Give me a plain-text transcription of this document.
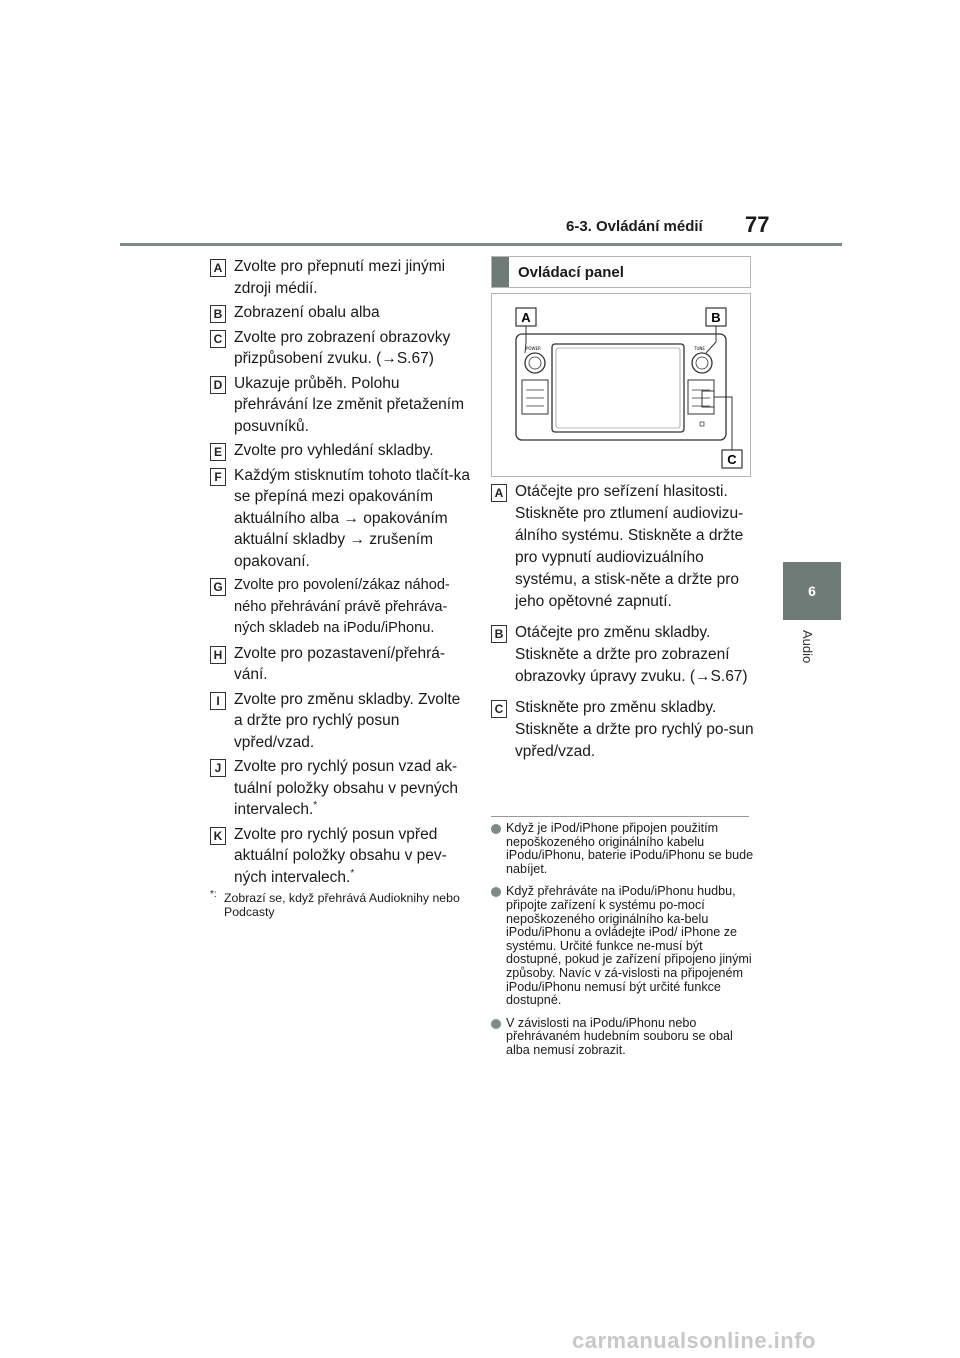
6-3. Ovládání médií 77
6
Audio
A Zvolte pro přepnutí mezi jinými zdroji médií.
B Zobrazení obalu alba
C Zvolte pro zobrazení obrazovky přizpůsobení zvuku. (→S.67)
D Ukazuje průběh. Polohu přehrávání lze změnit přetažením posuvníků.
E Zvolte pro vyhledání skladby.
F Každým stisknutím tohoto tlačít-ka se přepíná mezi opakováním aktuálního alba → opakováním aktuální skladby → zrušením opakovaní.
G Zvolte pro povolení/zákaz náhod-ného přehrávání právě přehráva-ných skladeb na iPodu/iPhonu.
H Zvolte pro pozastavení/přehrá-vání.
I Zvolte pro změnu skladby. Zvolte a držte pro rychlý posun vpřed/vzad.
J Zvolte pro rychlý posun vzad ak-tuální položky obsahu v pevných intervalech.*
K Zvolte pro rychlý posun vpřed aktuální položky obsahu v pev-ných intervalech.*
*: Zobrazí se, když přehrává Audioknihy nebo Podcasty
Ovládací panel
POWER	TUNE
A	B
C
A Otáčejte pro seřízení hlasitosti. Stiskněte pro ztlumení audiovizu-álního systému. Stiskněte a držte pro vypnutí audiovizuálního systému, a stisk-něte a držte pro jeho opětovné zapnutí.
B Otáčejte pro změnu skladby. Stiskněte a držte pro zobrazení obrazovky úpravy zvuku. (→S.67)
C Stiskněte pro změnu skladby. Stiskněte a držte pro rychlý po-sun vpřed/vzad.
Když je iPod/iPhone připojen použitím nepoškozeného originálního kabelu iPodu/iPhonu, baterie iPodu/iPhonu se bude nabíjet.
Když přehráváte na iPodu/iPhonu hudbu, připojte zařízení k systému po-mocí nepoškozeného originálního ka-belu iPodu/iPhonu a ovládejte iPod/ iPhone ze systému. Určité funkce ne-musí být dostupné, pokud je zařízení připojeno jinými způsoby. Navíc v zá-vislosti na připojeném iPodu/iPhonu nemusí být určité funkce dostupné.
V závislosti na iPodu/iPhonu nebo přehrávaném hudebním souboru se obal alba nemusí zobrazit.
carmanualsonline.info
